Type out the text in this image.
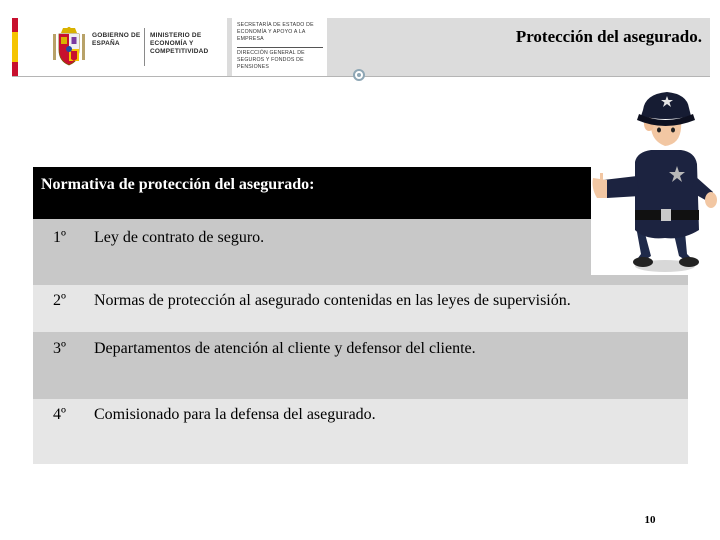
GOBIERNO DE ESPAÑA
MINISTERIO DE ECONOMÍA Y COMPETITIVIDAD
SECRETARÍA DE ESTADO DE ECONOMÍA Y APOYO A LA EMPRESA
DIRECCIÓN GENERAL DE SEGUROS Y FONDOS DE PENSIONES
Protección del asegurado.
Normativa de protección del asegurado:
1º Ley de contrato de seguro.
2º Normas de protección al asegurado contenidas en las leyes de supervisión.
3º Departamentos de atención al cliente y defensor del cliente.
4º Comisionado para la defensa del asegurado.
10
